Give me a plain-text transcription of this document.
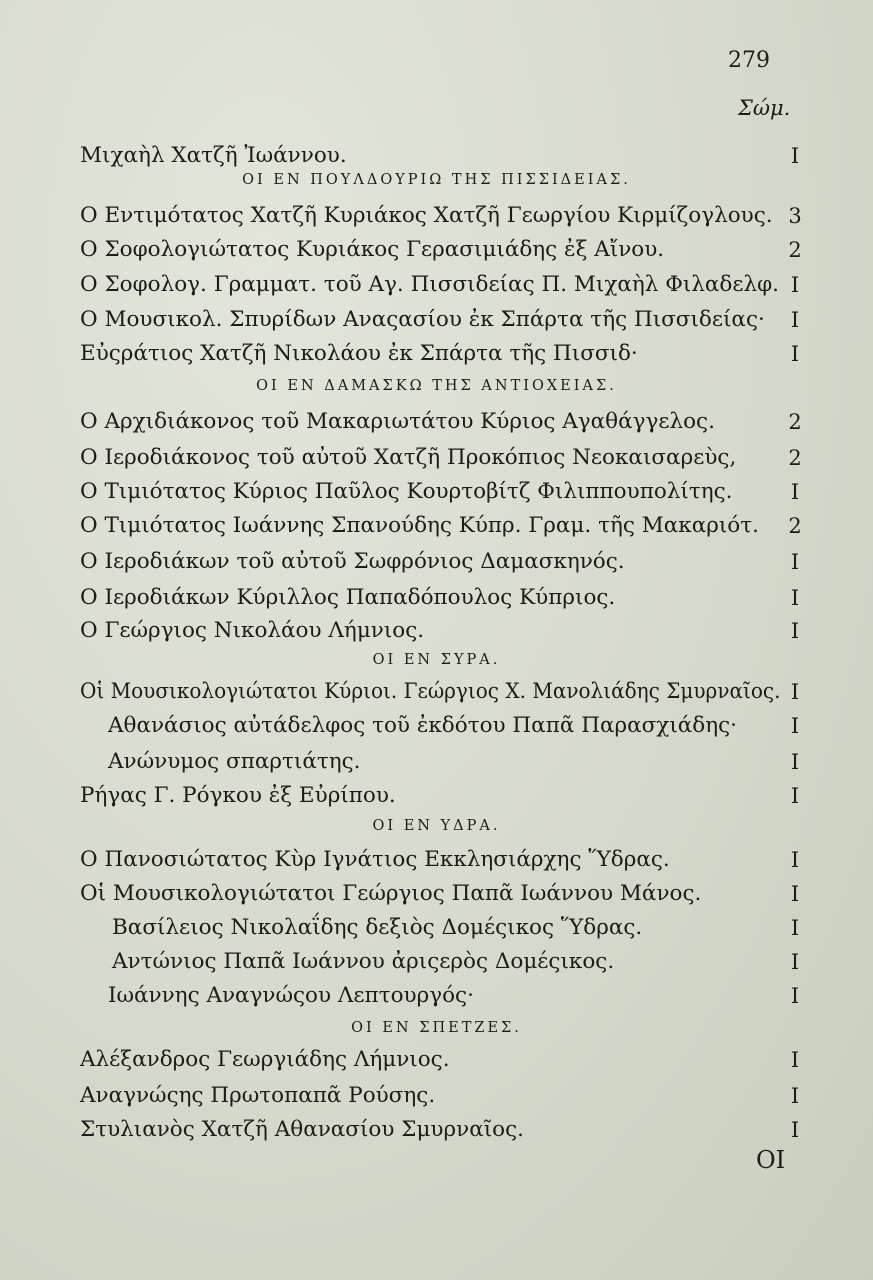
279
Σώμ.
Μιχαὴλ Χατζῆ Ἰωάννου.	I
ΟΙ ΕΝ ΠΟΥΛΔΟΥΡΙΩ ΤΗΣ ΠΙΣΣΙΔΕΙΑΣ.
Ο Εντιμότατος Χατζῆ Κυριάκος Χατζῆ Γεωργίου Κιρμίζογλους. 3
Ο Σοφολογιώτατος Κυριάκος Γερασιμιάδης ἐξ Αἴνου.	2
Ο Σοφολογ. Γραμματ. τοῦ Αγ. Πισσιδείας Π. Μιχαὴλ Φιλαδελφ. I
Ο Μουσικολ. Σπυρίδων Αναςασίου ἐκ Σπάρτα τῆς Πισσιδείας· I
Εὐςράτιος Χατζῆ Νικολάου ἐκ Σπάρτα τῆς Πισσιδ·	I
ΟΙ ΕΝ ΔΑΜΑΣΚΩ ΤΗΣ ΑΝΤΙΟΧΕΙΑΣ.
Ο Αρχιδιάκονος τοῦ Μακαριωτάτου Κύριος Αγαθάγγελος.	2
Ο Ιεροδιάκονος τοῦ αὐτοῦ Χατζῆ Προκόπιος Νεοκαισαρεὺς, 2
Ο Τιμιότατος Κύριος Παῦλος Κουρτοβίτζ Φιλιππουπολίτης.	I
Ο Τιμιότατος Ιωάννης Σπανούδης Κύπρ. Γραμ. τῆς Μακαριότ. 2
Ο Ιεροδιάκων τοῦ αὐτοῦ Σωφρόνιος Δαμασκηνός.	I
Ο Ιεροδιάκων Κύριλλος Παπαδόπουλος Κύπριος.	I
Ο Γεώργιος Νικολάου Λήμνιος.	I
ΟΙ ΕΝ ΣΥΡΑ.
Οἱ Μουσικολογιώτατοι Κύριοι. Γεώργιος Χ. Μανολιάδης Σμυρναῖος. I
Αθανάσιος αὐτάδελφος τοῦ ἐκδότου Παπᾶ Παρασχιάδης·	I
Ανώνυμος σπαρτιάτης.	I
Ρήγας Γ. Ρόγκου ἐξ Εὐρίπου.	I
ΟΙ ΕΝ ΥΔΡΑ.
Ο Πανοσιώτατος Κὺρ Ιγνάτιος Εκκλησιάρχης Ὕδρας.	I
Οἱ Μουσικολογιώτατοι Γεώργιος Παπᾶ Ιωάννου Μάνος.	I
Βασίλειος Νικολαΐδης δεξιὸς Δομέςικος Ὕδρας.	I
Αντώνιος Παπᾶ Ιωάννου ἀριςερὸς Δομέςικος.	I
Ιωάννης Αναγνώςου Λεπτουργός·	I
ΟΙ ΕΝ ΣΠΕΤΖΕΣ.
Αλέξανδρος Γεωργιάδης Λήμνιος.	I
Αναγνώςης Πρωτοπαπᾶ Ρούσης.	I
Στυλιανὸς Χατζῆ Αθανασίου Σμυρναῖος.	I
ΟΙ
